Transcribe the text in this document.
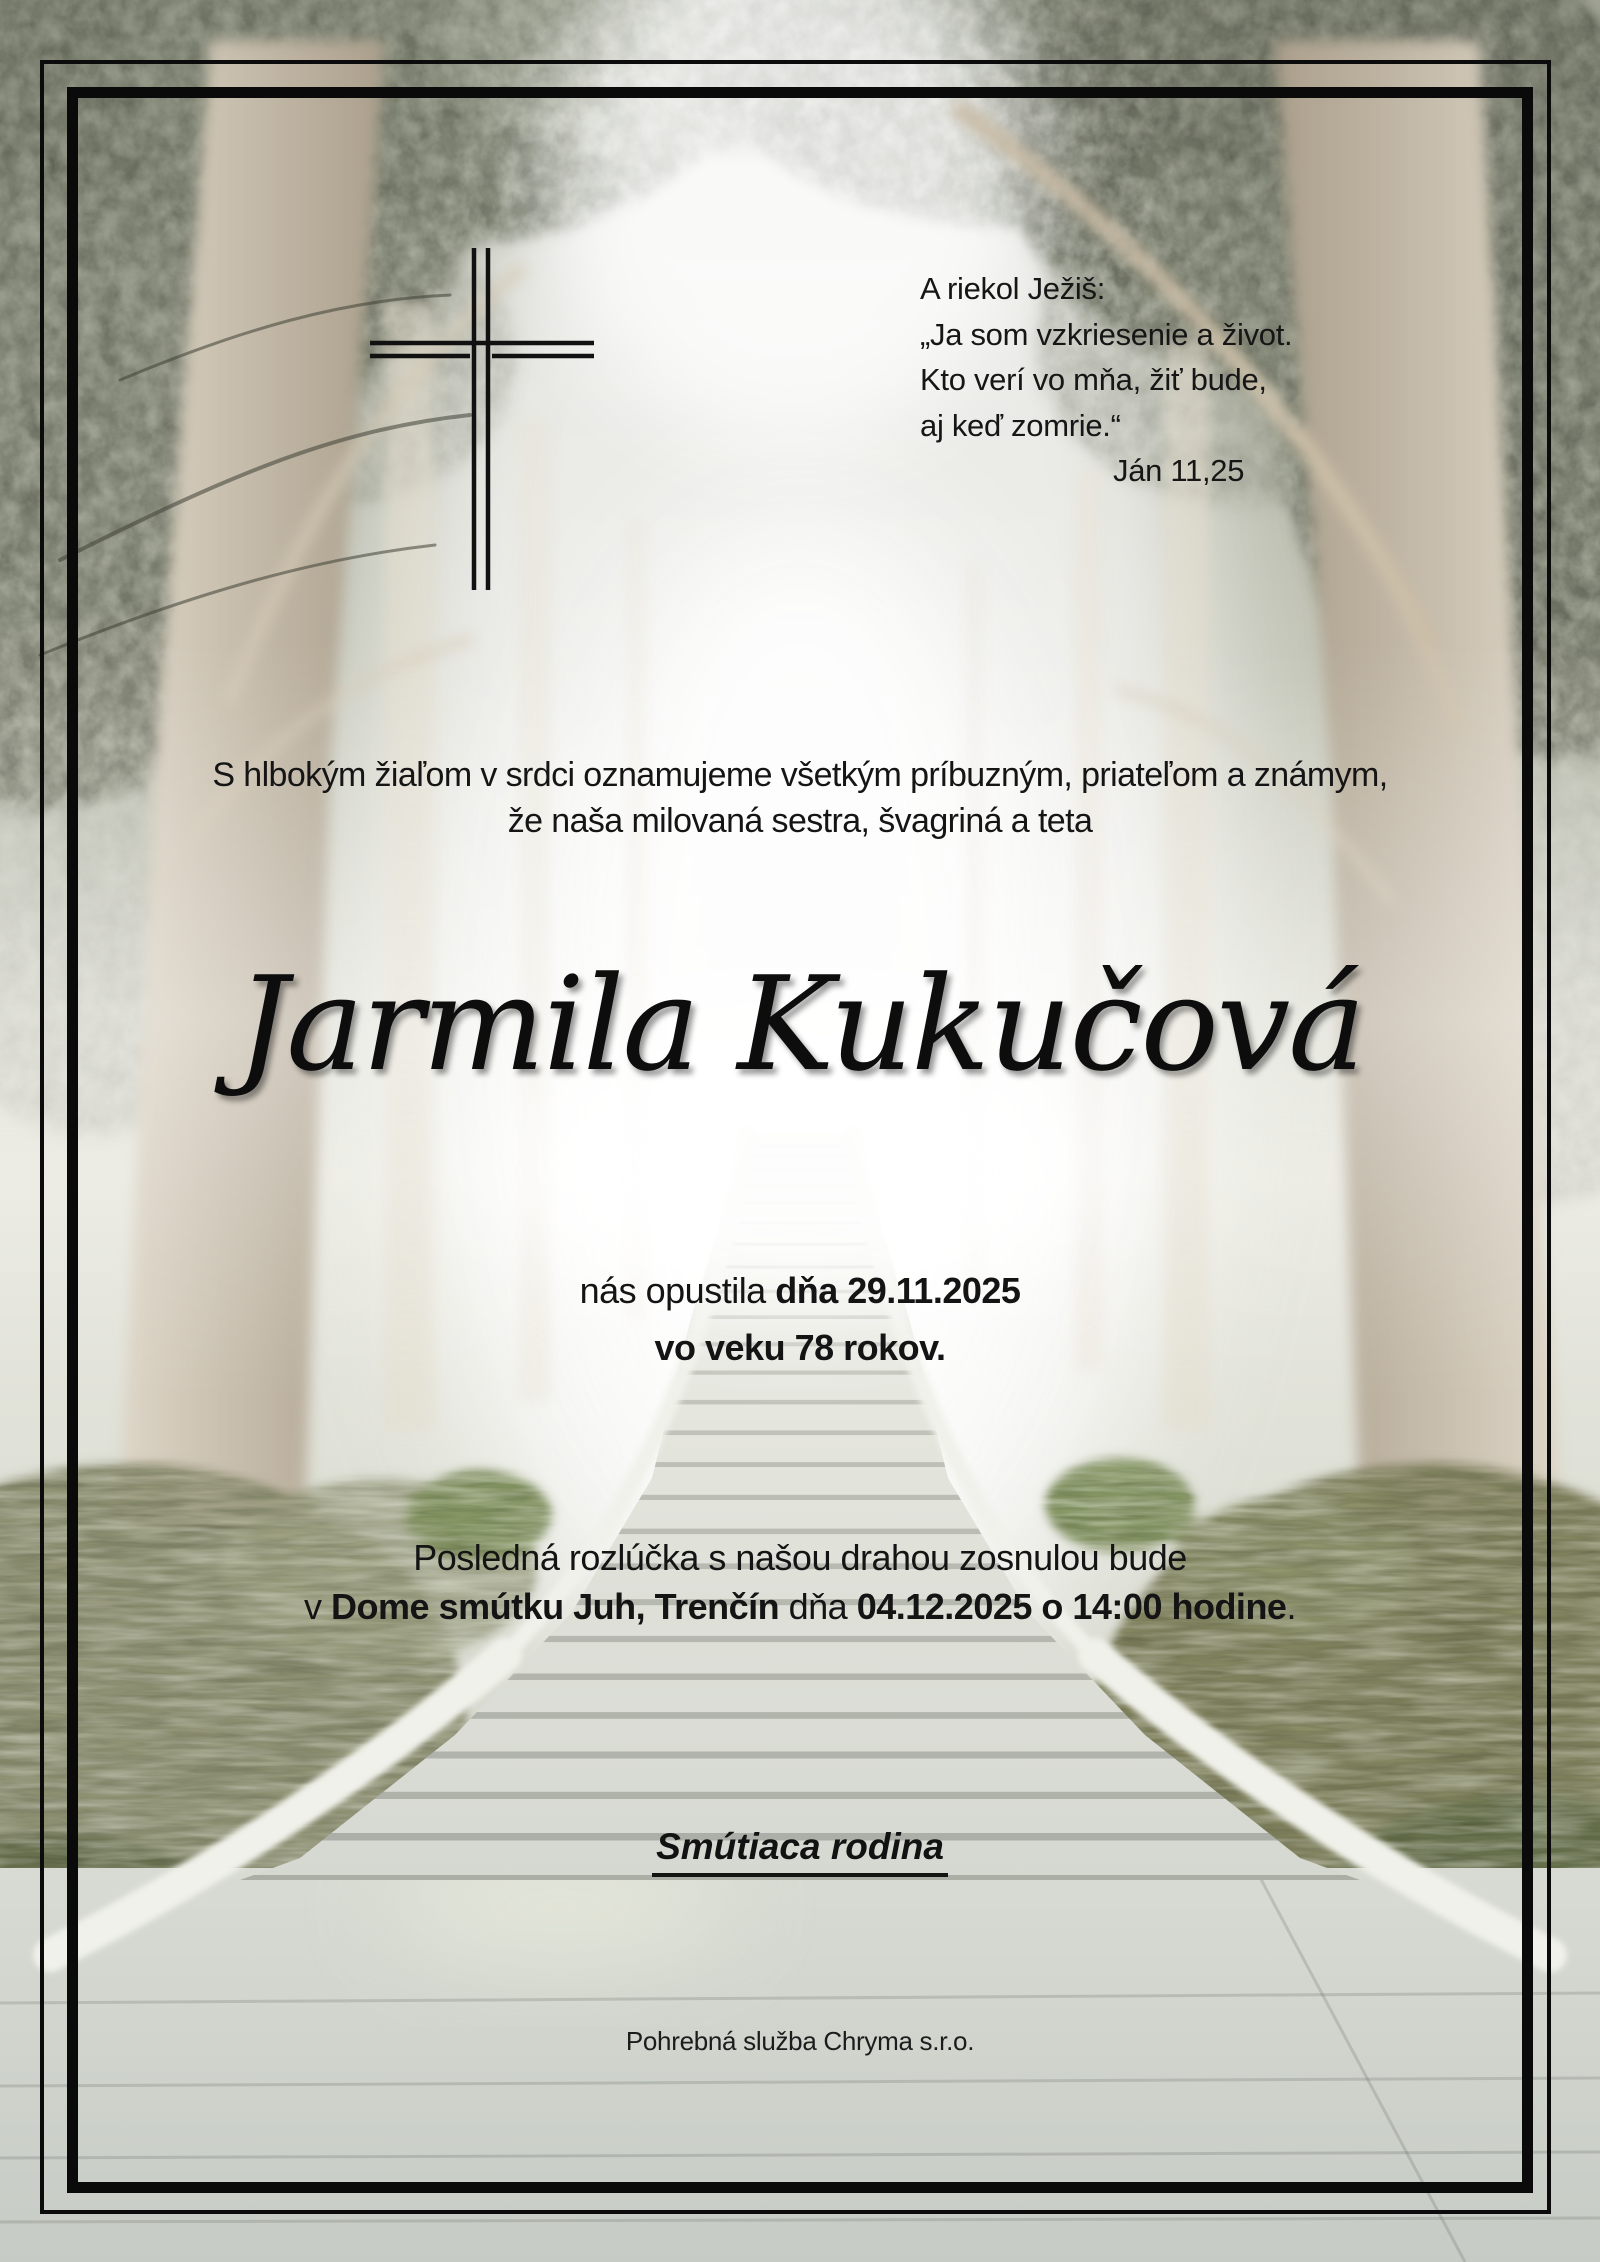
A riekol Ježiš:
„Ja som vzkriesenie a život.
Kto verí vo mňa, žiť bude,
aj keď zomrie.“
Ján 11,25
S hlbokým žiaľom v srdci oznamujeme všetkým príbuzným, priateľom a známym,
že naša milovaná sestra, švagriná a teta
Jarmila Kukučová
nás opustila dňa 29.11.2025
vo veku 78 rokov.
Posledná rozlúčka s našou drahou zosnulou bude
v Dome smútku Juh, Trenčín dňa 04.12.2025 o 14:00 hodine.
Smútiaca rodina
Pohrebná služba Chryma s.r.o.
